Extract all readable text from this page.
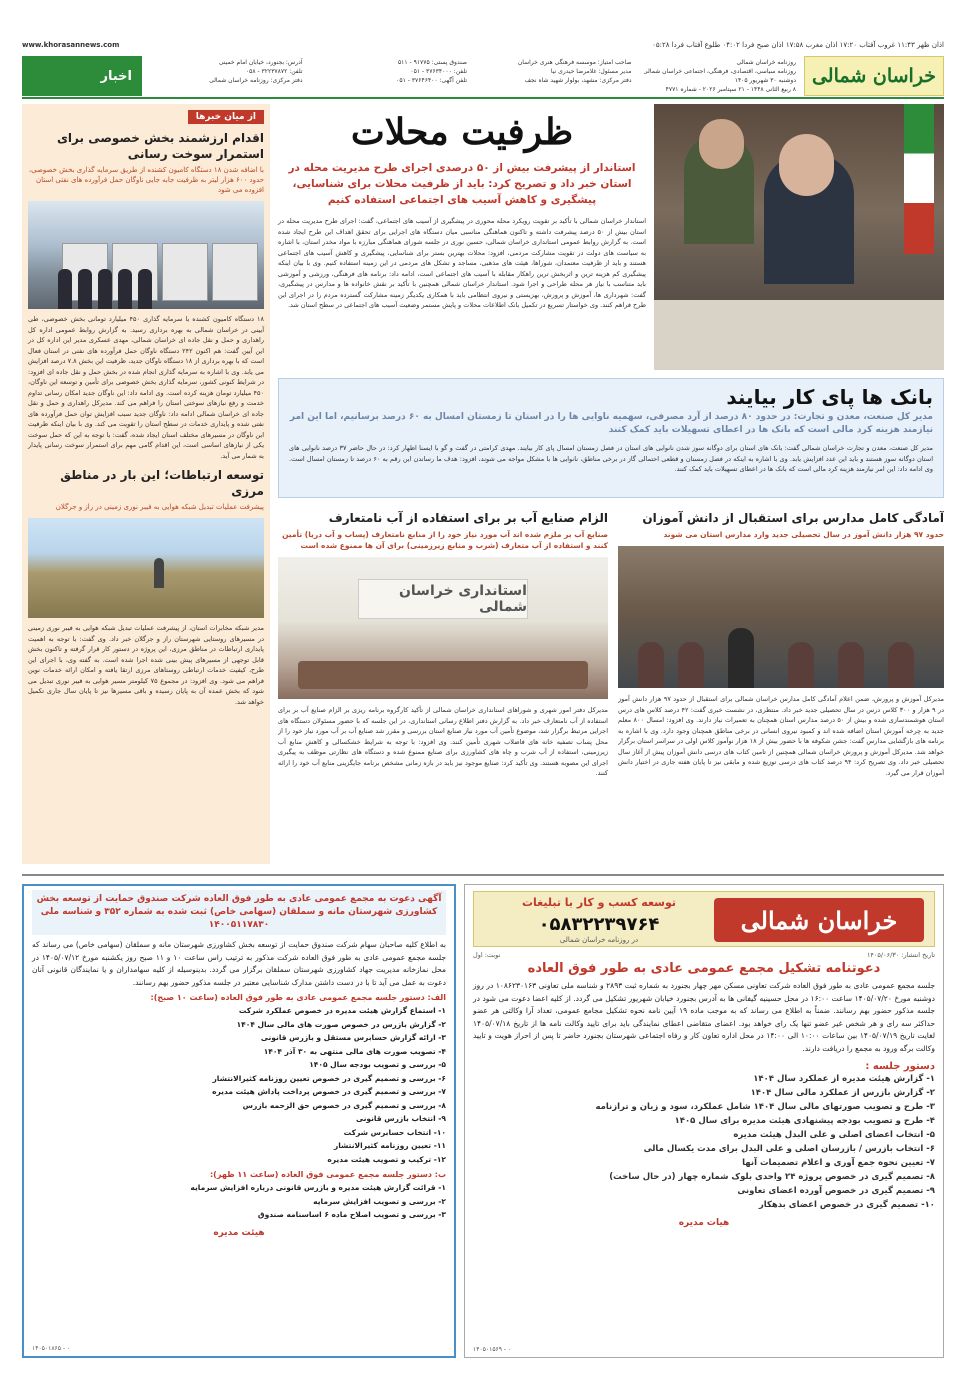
www.khorasannews.com	اذان ظهر ۱۱:۴۳ غروب آفتاب ۱۷:۲۰ اذان مغرب ۱۷:۵۸ اذان صبح فردا ۰۴:۰۲ طلوع آفتاب فردا ۰۵:۲۸
خراسان شمالی

روزنامه خراسان شمالی

روزنامه سیاسی، اقتصادی، فرهنگی، اجتماعی خراسان شمالی

دوشنبه ۳۰ شهریور ۱۴۰۵

۸ ربیع الثانی ۱۴۴۸ - ۲۱ سپتامبر ۲۰۲۶ - شماره ۴۷۷۱

صاحب امتیاز: موسسه فرهنگی هنری خراسان

مدیر مسئول: غلامرضا حیدری نیا

دفتر مرکزی: مشهد، بولوار شهید شاه نجف

صندوق پستی: ۹۱۷۷۵ - ۵۱۱

تلفن: ۳۷۶۳۴۰۰۰ - ۰۵۱

تلفن آگهی: ۳۷۶۴۶۴۰۰ - ۰۵۱

آدرس: بجنورد، خیابان امام خمینی

تلفن: ۳۲۲۳۷۸۷۲ - ۰۵۸

دفتر مرکزی: روزنامه خراسان شمالی

اخبار
از میان خبرها
اقدام ارزشمند بخش خصوصی برای استمرار سوخت رسانی
با اضافه شدن ۱۸ دستگاه کامیون کشنده از طریق سرمایه گذاری بخش خصوصی، حدود ۶۰۰ هزار لیتر به ظرفیت جابه جایی ناوگان حمل فرآورده های نفتی استان افزوده می شود
۱۸ دستگاه کامیون کشنده با سرمایه گذاری ۴۵۰ میلیارد تومانی بخش خصوصی، طی آیینی در خراسان شمالی به بهره برداری رسید. به گزارش روابط عمومی اداره کل راهداری و حمل و نقل جاده ای خراسان شمالی، مهدی عسکری مدیر این اداره کل در این آیین گفت: هم اکنون ۲۴۲ دستگاه ناوگان حمل فرآورده های نفتی در استان فعال است که با بهره برداری از ۱۸ دستگاه ناوگان جدید، ظرفیت این بخش ۷.۸ درصد افزایش می یابد. وی با اشاره به سرمایه گذاری انجام شده در بخش حمل و نقل جاده ای افزود: در شرایط کنونی کشور، سرمایه گذاری بخش خصوصی برای تأمین و توسعه این ناوگان، ۴۵۰ میلیارد تومان هزینه کرده است. وی ادامه داد: این ناوگان جدید امکان رسانی تداوم خدمت و رفع نیازهای سوختی استان را فراهم می کند. مدیرکل راهداری و حمل و نقل جاده ای خراسان شمالی ادامه داد: ناوگان جدید سبب افزایش توان حمل فرآورده های نفتی شده و پایداری خدمات در سطح استان را تقویت می کند. وی با بیان اینکه ظرفیت این ناوگان در مسیرهای مختلف استان ایجاد شده، گفت: با توجه به این که حمل سوخت یکی از نیازهای اساسی است، این اقدام گامی مهم برای استمرار سوخت رسانی پایدار به شمار می آید.
توسعه ارتباطات؛ این بار در مناطق مرزی
پیشرفت عملیات تبدیل شبکه هوایی به فیبر نوری زمینی در راز و جرگلان
مدیر شبکه مخابرات استان، از پیشرفت عملیات تبدیل شبکه هوایی به فیبر نوری زمینی در مسیرهای روستایی شهرستان راز و جرگلان خبر داد. وی گفت: با توجه به اهمیت پایداری ارتباطات در مناطق مرزی، این پروژه در دستور کار قرار گرفته و تاکنون بخش قابل توجهی از مسیرهای پیش بینی شده اجرا شده است. به گفته وی، با اجرای این طرح، کیفیت خدمات ارتباطی روستاهای مرزی ارتقا یافته و امکان ارائه خدمات نوین فراهم می شود. وی افزود: در مجموع ۷۵ کیلومتر مسیر هوایی به فیبر نوری تبدیل می شود که بخش عمده آن به پایان رسیده و باقی مسیرها نیز تا پایان سال جاری تکمیل خواهد شد.
ظرفیت محلات
استاندار از پیشرفت بیش از ۵۰ درصدی اجرای طرح مدیریت محله در استان خبر داد و تصریح کرد: باید از ظرفیت محلات برای شناسایی، پیشگیری و کاهش آسیب های اجتماعی استفاده کنیم
استاندار خراسان شمالی با تأکید بر تقویت رویکرد محله محوری در پیشگیری از آسیب های اجتماعی، گفت: اجرای طرح مدیریت محله در استان بیش از ۵۰ درصد پیشرفت داشته و تاکنون هماهنگی مناسبی میان دستگاه های اجرایی برای تحقق اهداف این طرح ایجاد شده است. به گزارش روابط عمومی استانداری خراسان شمالی، حسین نوری در جلسه شورای هماهنگی مبارزه با مواد مخدر استان، با اشاره به سیاست های دولت در تقویت مشارکت مردمی، افزود: محلات بهترین بستر برای شناسایی، پیشگیری و کاهش آسیب های اجتماعی هستند و باید از ظرفیت معتمدان، شوراها، هیئت های مذهبی، مساجد و تشکل های مردمی در این زمینه استفاده کنیم. وی با بیان اینکه پیشگیری کم هزینه ترین و اثربخش ترین راهکار مقابله با آسیب های اجتماعی است، ادامه داد: برنامه های فرهنگی، ورزشی و آموزشی باید متناسب با نیاز هر محله طراحی و اجرا شود. استاندار خراسان شمالی همچنین با تأکید بر نقش خانواده ها و مدارس در پیشگیری، گفت: شهرداری ها، آموزش و پرورش، بهزیستی و نیروی انتظامی باید با همکاری یکدیگر زمینه مشارکت گسترده مردم را در اجرای این طرح فراهم کنند. وی خواستار تسریع در تکمیل بانک اطلاعات محلات و پایش مستمر وضعیت آسیب های اجتماعی در سطح استان شد.
بانک ها پای کار بیایند
مدیر کل صنعت، معدن و تجارت: در حدود ۸۰ درصد از آرد مصرفی، سهمیه ناوایی ها را در استان تا زمستان امسال به ۶۰ درصد برسانیم، اما این امر نیازمند هزینه کرد مالی است که بانک ها در اعطای تسهیلات باید کمک کنند
مدیر کل صنعت، معدن و تجارت خراسان شمالی گفت: بانک های استان برای دوگانه سوز شدن نانوایی های استان در فصل زمستان امسال پای کار بیایند. مهدی کرامتی در گفت و گو با ایسنا اظهار کرد: در حال حاضر ۳۷ درصد نانوایی های استان دوگانه سوز هستند و باید این عدد افزایش یابد. وی با اشاره به اینکه در فصل زمستان و قطعی احتمالی گاز در برخی مناطق، نانوایی ها با مشکل مواجه می شوند، افزود: هدف ما رساندن این رقم به ۶۰ درصد تا زمستان امسال است. وی ادامه داد: این امر نیازمند هزینه کرد مالی است که بانک ها در اعطای تسهیلات باید کمک کنند.
آمادگی کامل مدارس برای استقبال از دانش آموزان
حدود ۹۷ هزار دانش آموز در سال تحصیلی جدید وارد مدارس استان می شوند
مدیرکل آموزش و پرورش، ضمن اعلام آمادگی کامل مدارس خراسان شمالی برای استقبال از حدود ۹۷ هزار دانش آموز در ۹ هزار و ۳۰۰ کلاس درس در سال تحصیلی جدید خبر داد. منتظری، در نشست خبری گفت: ۴۲ درصد کلاس های درس استان هوشمندسازی شده و بیش از ۵۰ درصد مدارس استان همچنان به تعمیرات نیاز دارند. وی افزود: امسال ۸۰۰ معلم جدید به چرخه آموزش استان اضافه شده اند و کمبود نیروی انسانی در برخی مناطق همچنان وجود دارد. وی با اشاره به برنامه های بازگشایی مدارس گفت: جشن شکوفه ها با حضور بیش از ۱۸ هزار نوآموز کلاس اولی در سراسر استان برگزار خواهد شد. مدیرکل آموزش و پرورش خراسان شمالی همچنین از تامین کتاب های درسی دانش آموزان پیش از آغاز سال تحصیلی خبر داد. وی تصریح کرد: ۹۴ درصد کتاب های درسی توزیع شده و مابقی نیز تا پایان هفته جاری در اختیار دانش آموزان قرار می گیرد.
الزام صنایع آب بر برای استفاده از آب نامتعارف
صنایع آب بر ملزم شده اند آب مورد نیاز خود را از منابع نامتعارف (پساب و آب دریا) تأمین کنند و استفاده از آب متعارف (شرب و منابع زیرزمینی) برای آن ها ممنوع شده است
استانداری خراسان شمالی
مدیرکل دفتر امور شهری و شوراهای استانداری خراسان شمالی از تأکید کارگروه برنامه ریزی بر الزام صنایع آب بر برای استفاده از آب نامتعارف خبر داد. به گزارش دفتر اطلاع رسانی استانداری، در این جلسه که با حضور مسئولان دستگاه های اجرایی مرتبط برگزار شد، موضوع تأمین آب مورد نیاز صنایع استان بررسی و مقرر شد صنایع آب بر آب مورد نیاز خود را از محل پساب تصفیه خانه های فاضلاب شهری تأمین کنند. وی افزود: با توجه به شرایط خشکسالی و کاهش منابع آب زیرزمینی، استفاده از آب شرب و چاه های کشاورزی برای صنایع ممنوع شده و دستگاه های نظارتی موظف به پیگیری اجرای این مصوبه هستند. وی تأکید کرد: صنایع موجود نیز باید در بازه زمانی مشخص برنامه جایگزینی منابع آب خود را ارائه کنند.
آگهی دعوت به مجمع عمومی عادی به طور فوق العاده شرکت صندوق حمایت از توسعه بخش کشاورزی شهرستان مانه و سملقان (سهامی خاص) ثبت شده به شماره ۳۵۲ و شناسه ملی ۱۴۰۰۵۱۱۷۸۳۰
به اطلاع کلیه صاحبان سهام شرکت صندوق حمایت از توسعه بخش کشاورزی شهرستان مانه و سملقان (سهامی خاص) می رساند که جلسه مجمع عمومی عادی به طور فوق العاده شرکت مذکور به ترتیب راس ساعت ۱۰ و ۱۱ صبح روز یکشنبه مورخ ۱۴۰۵/۰۷/۱۲ در محل نمازخانه مدیریت جهاد کشاورزی شهرستان سملقان برگزار می گردد. بدینوسیله از کلیه سهامداران و یا نمایندگان قانونی آنان دعوت به عمل می آید تا با در دست داشتن مدارک شناسایی معتبر در جلسه مذکور حضور بهم رسانند.
الف: دستور جلسه مجمع عمومی عادی به طور فوق العاده (ساعت ۱۰ صبح):
۱- استماع گزارش هیئت مدیره در خصوص عملکرد شرکت
۲- گزارش بازرس در خصوص صورت های مالی سال ۱۴۰۴
۳- ارائه گزارش حسابرس مستقل و بازرس قانونی
۴- تصویب صورت های مالی منتهی به ۳۰ آذر ۱۴۰۴
۵- بررسی و تصویب بودجه سال ۱۴۰۵
۶- بررسی و تصمیم گیری در خصوص تعیین روزنامه کثیرالانتشار
۷- بررسی و تصمیم گیری در خصوص پرداخت پاداش هیئت مدیره
۸- بررسی و تصمیم گیری در خصوص حق الزحمه بازرس
۹- انتخاب بازرس قانونی
۱۰- انتخاب حسابرس شرکت
۱۱- تعیین روزنامه کثیرالانتشار
۱۲- ترکیب و تصویب هیئت مدیره
ب: دستور جلسه مجمع عمومی فوق العاده (ساعت ۱۱ ظهر):
۱- قرائت گزارش هیئت مدیره و بازرس قانونی درباره افزایش سرمایه
۲- بررسی و تصویب افزایش سرمایه
۳- بررسی و تصویب اصلاح ماده ۶ اساسنامه صندوق
هیئت مدیره
۱۴۰۵۰۱۸۶۵ - ۰
خراسان شمالی
توسعه کسب و کار با تبلیغات
۰۵۸۳۲۲۳۹۷۶۴
در روزنامه خراسان شمالی
تاریخ انتشار: ۱۴۰۵/۰۶/۳۰
نوبت: اول
دعوتنامه تشکیل مجمع عمومی عادی به طور فوق العاده
جلسه مجمع عمومی عادی به طور فوق العاده شرکت تعاونی مسکن مهر چهار بجنورد به شماره ثبت ۲۸۹۳ و شناسه ملی تعاونی ۱۰۸۶۲۳۰۱۶۳ در روز دوشنبه مورخ ۱۴۰۵/۰۷/۲۰ ساعت ۱۶:۰۰ در محل حسینیه گیفانی ها به آدرس بجنورد خیابان شهریور تشکیل می گردد. از کلیه اعضا دعوت می شود در جلسه مذکور حضور بهم رسانند. ضمناً به اطلاع می رساند که به موجب ماده ۱۹ آیین نامه نحوه تشکیل مجامع عمومی، تعداد آرا وکالتی هر عضو حداکثر سه رای و هر شخص غیر عضو تنها یک رای خواهد بود. اعضای متقاضی اعطای نمایندگی باید برای تایید وکالت نامه ها از تاریخ ۱۴۰۵/۰۷/۱۸ لغایت تاریخ ۱۴۰۵/۰۷/۱۹ بین ساعات ۱۰:۰۰ الی ۱۴:۰۰ در محل اداره تعاون کار و رفاه اجتماعی شهرستان بجنورد حاضر تا پس از احراز هویت و تایید وکالت برگه ورود به مجمع را دریافت دارند.
دستور جلسه :
۱- گزارش هیئت مدیره از عملکرد سال ۱۴۰۴
۲- گزارش بازرس از عملکرد مالی سال ۱۴۰۴
۳- طرح و تصویب صورتهای مالی سال ۱۴۰۴ شامل عملکرد، سود و زیان و ترازنامه
۴- طرح و تصویب بودجه پیشنهادی هیئت مدیره برای سال ۱۴۰۵
۵- انتخاب اعضای اصلی و علی البدل هیئت مدیره
۶- انتخاب بازرس / بازرسان اصلی و علی البدل برای مدت یکسال مالی
۷- تعیین نحوه جمع آوری و اعلام تصمیمات آنها
۸- تصمیم گیری در خصوص پروژه ۲۴ واحدی بلوک شماره چهار (در حال ساخت)
۹- تصمیم گیری در خصوص آورده اعضای تعاونی
۱۰- تصمیم گیری در خصوص اعضای بدهکار
هیات مدیره
۱۴۰۵۰۱۵۶۹ - ۰
